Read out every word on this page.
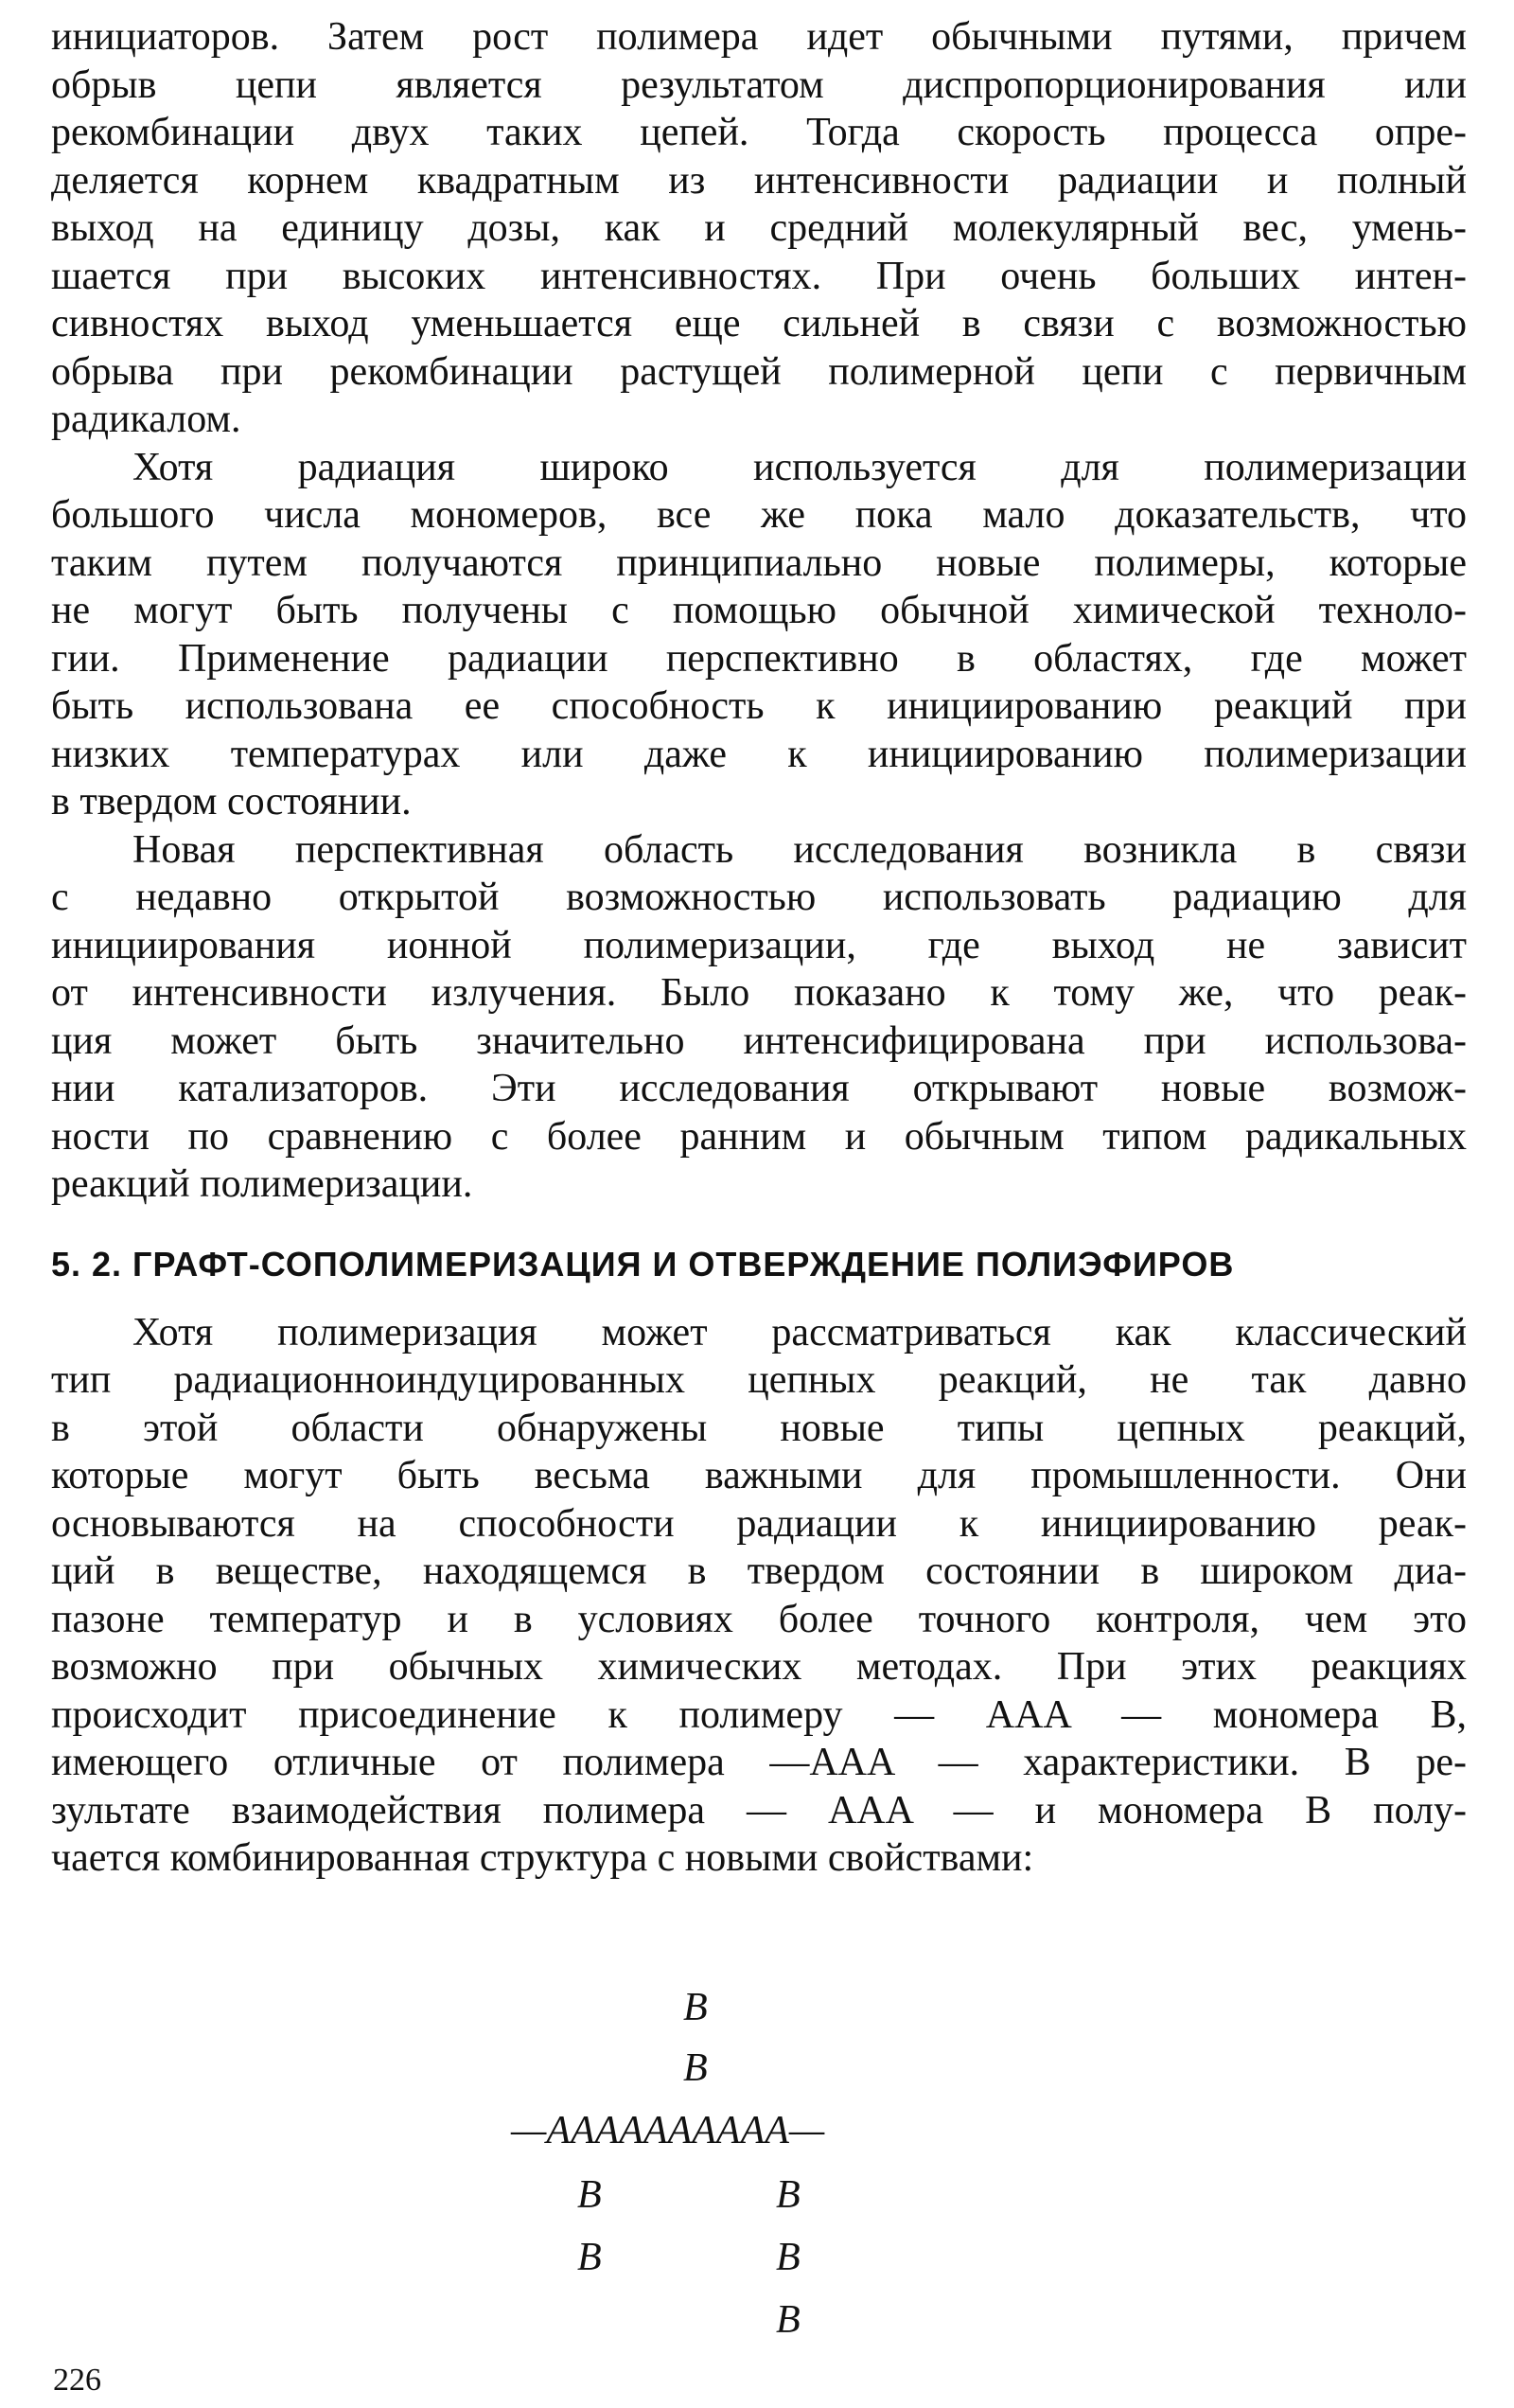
инициаторов. Затем рост полимера идет обычными путями, причем
обрыв цепи является результатом диспропорционирования или
рекомбинации двух таких цепей. Тогда скорость процесса опре-
деляется корнем квадратным из интенсивности радиации и полный
выход на единицу дозы, как и средний молекулярный вес, умень-
шается при высоких интенсивностях. При очень больших интен-
сивностях выход уменьшается еще сильней в связи с возможностью
обрыва при рекомбинации растущей полимерной цепи с первичным
радикалом.

Хотя радиация широко используется для полимеризации
большого числа мономеров, все же пока мало доказательств, что
таким путем получаются принципиально новые полимеры, которые
не могут быть получены с помощью обычной химической техноло-
гии. Применение радиации перспективно в областях, где может
быть использована ее способность к инициированию реакций при
низких температурах или даже к инициированию полимеризации
в твердом состоянии.

Новая перспективная область исследования возникла в связи
с недавно открытой возможностью использовать радиацию для
инициирования ионной полимеризации, где выход не зависит
от интенсивности излучения. Было показано к тому же, что реак-
ция может быть значительно интенсифицирована при использова-
нии катализаторов. Эти исследования открывают новые возмож-
ности по сравнению с более ранним и обычным типом радикальных
реакций полимеризации.

5. 2. ГРАФТ-СОПОЛИМЕРИЗАЦИЯ И ОТВЕРЖДЕНИЕ ПОЛИЭФИРОВ

Хотя полимеризация может рассматриваться как классический
тип радиационноиндуцированных цепных реакций, не так давно
в этой области обнаружены новые типы цепных реакций,
которые могут быть весьма важными для промышленности. Они
основываются на способности радиации к инициированию реак-
ций в веществе, находящемся в твердом состоянии в широком диа-
пазоне температур и в условиях более точного контроля, чем это
возможно при обычных химических методах. При этих реакциях
происходит присоединение к полимеру — AAA — мономера B,
имеющего отличные от полимера —AAA — характеристики. В ре-
зультате взаимодействия полимера — AAA — и мономера B полу-
чается комбинированная структура с новыми свойствами:

B
B
—AAAAAAAAAA—
B
B
B
B
B
226
